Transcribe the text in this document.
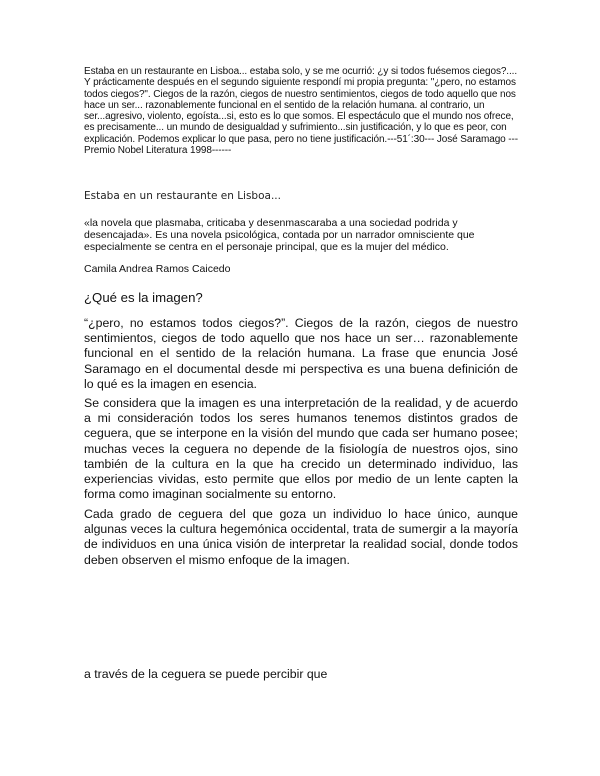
Estaba en un restaurante en Lisboa... estaba solo, y se me ocurrió: ¿y si todos fuésemos ciegos?.... Y prácticamente después en el segundo siguiente respondí mi propia pregunta: "¿pero, no estamos todos ciegos?". Ciegos de la razón, ciegos de nuestro sentimientos, ciegos de todo aquello que nos hace un ser... razonablemente funcional en el sentido de la relación humana. al contrario, un ser...agresivo, violento, egoísta...si, esto es lo que somos. El espectáculo que el mundo nos ofrece, es precisamente... un mundo de desigualdad y sufrimiento...sin justificación, y lo que es peor, con explicación. Podemos explicar lo que pasa, pero no tiene justificación.---51´:30--- José Saramago ---Premio Nobel Literatura 1998------

Estaba en un restaurante en Lisboa...

«la novela que plasmaba, criticaba y desenmascaraba a una sociedad podrida y desencajada». Es una novela psicológica, contada por un narrador omnisciente que especialmente se centra en el personaje principal, que es la mujer del médico.

Camila Andrea Ramos Caicedo

¿Qué es la imagen?

“¿pero, no estamos todos ciegos?”. Ciegos de la razón, ciegos de nuestro sentimientos, ciegos de todo aquello que nos hace un ser… razonablemente funcional en el sentido de la relación humana. La frase que enuncia José Saramago en el documental desde mi perspectiva es una buena definición de lo qué es la imagen en esencia.

Se considera que la imagen es una interpretación de la realidad, y de acuerdo a mi consideración todos los seres humanos tenemos distintos grados de ceguera, que se interpone en la visión del mundo que cada ser humano posee; muchas veces la ceguera no depende de la fisiología de nuestros ojos, sino también de la cultura en la que ha crecido un determinado individuo, las experiencias vividas, esto permite que ellos por medio de un lente capten la forma como imaginan socialmente su entorno.

Cada grado de ceguera del que goza un individuo lo hace único, aunque algunas veces la cultura hegemónica occidental, trata de sumergir a la mayoría de individuos en una única visión de interpretar la realidad social, donde todos deben observen el mismo enfoque de la imagen.

a través de la ceguera se puede percibir que
